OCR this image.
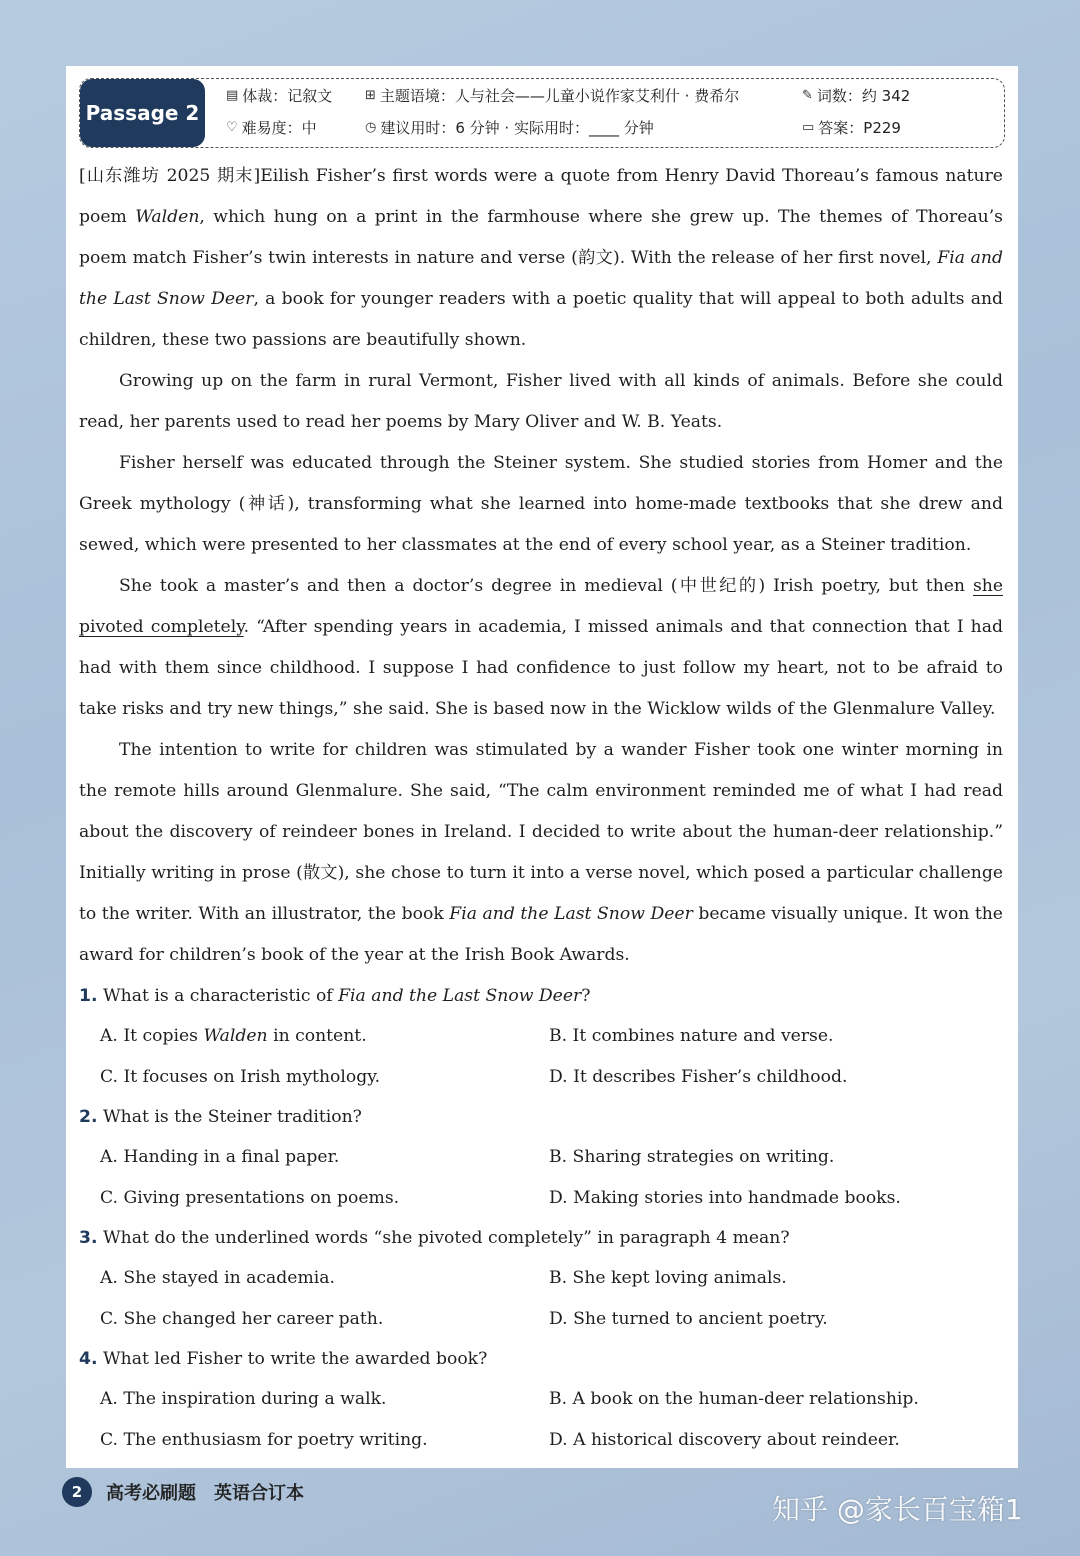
Passage 2
▤ 体裁：记叙文	⊞ 主题语境：人与社会——儿童小说作家艾利什 · 费希尔	✎ 词数：约 342
♡ 难易度：中	◷ 建议用时：6 分钟 · 实际用时：____ 分钟	▭ 答案：P229

[山东潍坊 2025 期末]Eilish Fisher’s first words were a quote from Henry David Thoreau’s famous nature poem Walden, which hung on a print in the farmhouse where she grew up. The themes of Thoreau’s poem match Fisher’s twin interests in nature and verse (韵文). With the release of her first novel, Fia and the Last Snow Deer, a book for younger readers with a poetic quality that will appeal to both adults and children, these two passions are beautifully shown.

Growing up on the farm in rural Vermont, Fisher lived with all kinds of animals. Before she could read, her parents used to read her poems by Mary Oliver and W. B. Yeats.

Fisher herself was educated through the Steiner system. She studied stories from Homer and the Greek mythology (神话), transforming what she learned into home-made textbooks that she drew and sewed, which were presented to her classmates at the end of every school year, as a Steiner tradition.

She took a master’s and then a doctor’s degree in medieval (中世纪的) Irish poetry, but then she pivoted completely. “After spending years in academia, I missed animals and that connection that I had had with them since childhood. I suppose I had confidence to just follow my heart, not to be afraid to take risks and try new things,” she said. She is based now in the Wicklow wilds of the Glenmalure Valley.

The intention to write for children was stimulated by a wander Fisher took one winter morning in the remote hills around Glenmalure. She said, “The calm environment reminded me of what I had read about the discovery of reindeer bones in Ireland. I decided to write about the human-deer relationship.” Initially writing in prose (散文), she chose to turn it into a verse novel, which posed a particular challenge to the writer. With an illustrator, the book Fia and the Last Snow Deer became visually unique. It won the award for children’s book of the year at the Irish Book Awards.

1. What is a characteristic of Fia and the Last Snow Deer?

A. It copies Walden in content.	B. It combines nature and verse.
C. It focuses on Irish mythology.	D. It describes Fisher’s childhood.

2. What is the Steiner tradition?

A. Handing in a final paper.	B. Sharing strategies on writing.
C. Giving presentations on poems.	D. Making stories into handmade books.

3. What do the underlined words “she pivoted completely” in paragraph 4 mean?

A. She stayed in academia.	B. She kept loving animals.
C. She changed her career path.	D. She turned to ancient poetry.

4. What led Fisher to write the awarded book?

A. The inspiration during a walk.	B. A book on the human-deer relationship.
C. The enthusiasm for poetry writing.	D. A historical discovery about reindeer.
2	高考必刷题　英语合订本	知乎 @家长百宝箱1
